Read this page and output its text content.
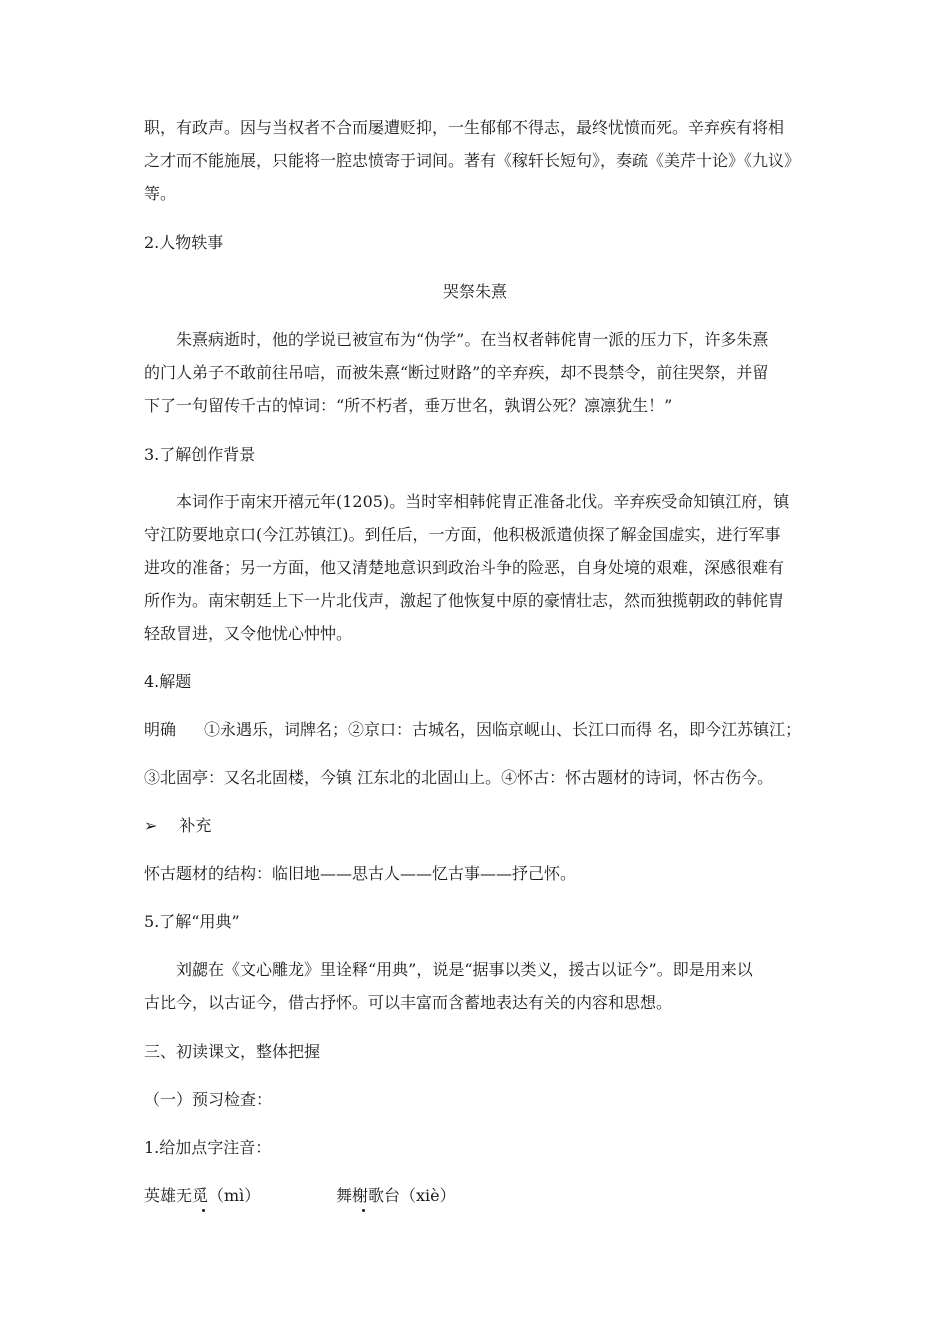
职，有政声。因与当权者不合而屡遭贬抑，一生郁郁不得志，最终忧愤而死。辛弃疾有将相
之才而不能施展，只能将一腔忠愤寄于词间。著有《稼轩长短句》，奏疏《美芹十论》《九议》
等。
2.人物轶事
哭祭朱熹
朱熹病逝时，他的学说已被宣布为“伪学”。在当权者韩侂胄一派的压力下，许多朱熹
的门人弟子不敢前往吊唁，而被朱熹“断过财路”的辛弃疾，却不畏禁令，前往哭祭，并留
下了一句留传千古的悼词：“所不朽者，垂万世名，孰谓公死？凛凛犹生！”
3.了解创作背景
本词作于南宋开禧元年(1205)。当时宰相韩侂胄正准备北伐。辛弃疾受命知镇江府，镇
守江防要地京口(今江苏镇江)。到任后，一方面，他积极派遣侦探了解金国虚实，进行军事
进攻的准备；另一方面，他又清楚地意识到政治斗争的险恶，自身处境的艰难，深感很难有
所作为。南宋朝廷上下一片北伐声，激起了他恢复中原的豪情壮志，然而独揽朝政的韩侂胄
轻敌冒进，又令他忧心忡忡。
4.解题
明确 ①永遇乐，词牌名；②京口：古城名，因临京岘山、长江口而得 名，即今江苏镇江；
③北固亭：又名北固楼，今镇 江东北的北固山上。④怀古：怀古题材的诗词，怀古伤今。
➢ 补充
怀古题材的结构：临旧地——思古人——忆古事——抒己怀。
5.了解“用典”
刘勰在《文心雕龙》里诠释“用典”，说是“据事以类义，援古以证今”。即是用来以
古比今，以古证今，借古抒怀。可以丰富而含蓄地表达有关的内容和思想。
三、初读课文，整体把握
（一）预习检查：
1.给加点字注音：
英雄无觅（mì）	舞榭歌台（xiè）
